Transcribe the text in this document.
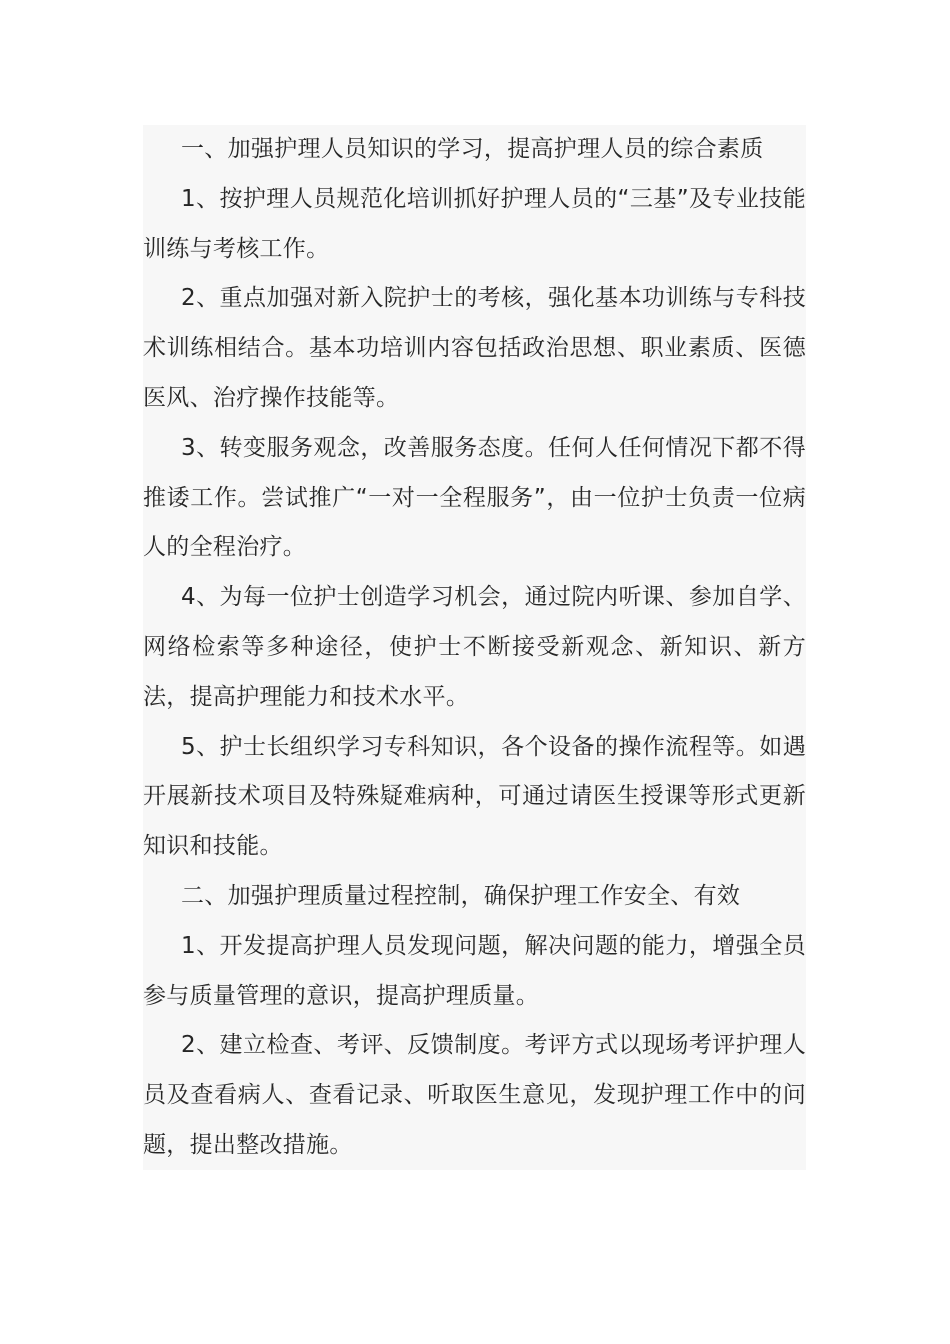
一、加强护理人员知识的学习，提高护理人员的综合素质

1、按护理人员规范化培训抓好护理人员的“三基”及专业技能训练与考核工作。

2、重点加强对新入院护士的考核，强化基本功训练与专科技术训练相结合。基本功培训内容包括政治思想、职业素质、医德医风、治疗操作技能等。

3、转变服务观念，改善服务态度。任何人任何情况下都不得推诿工作。尝试推广“一对一全程服务”，由一位护士负责一位病人的全程治疗。

4、为每一位护士创造学习机会，通过院内听课、参加自学、网络检索等多种途径，使护士不断接受新观念、新知识、新方法，提高护理能力和技术水平。

5、护士长组织学习专科知识，各个设备的操作流程等。如遇开展新技术项目及特殊疑难病种，可通过请医生授课等形式更新知识和技能。

二、加强护理质量过程控制，确保护理工作安全、有效

1、开发提高护理人员发现问题，解决问题的能力，增强全员参与质量管理的意识，提高护理质量。

2、建立检查、考评、反馈制度。考评方式以现场考评护理人员及查看病人、查看记录、听取医生意见，发现护理工作中的问题，提出整改措施。
